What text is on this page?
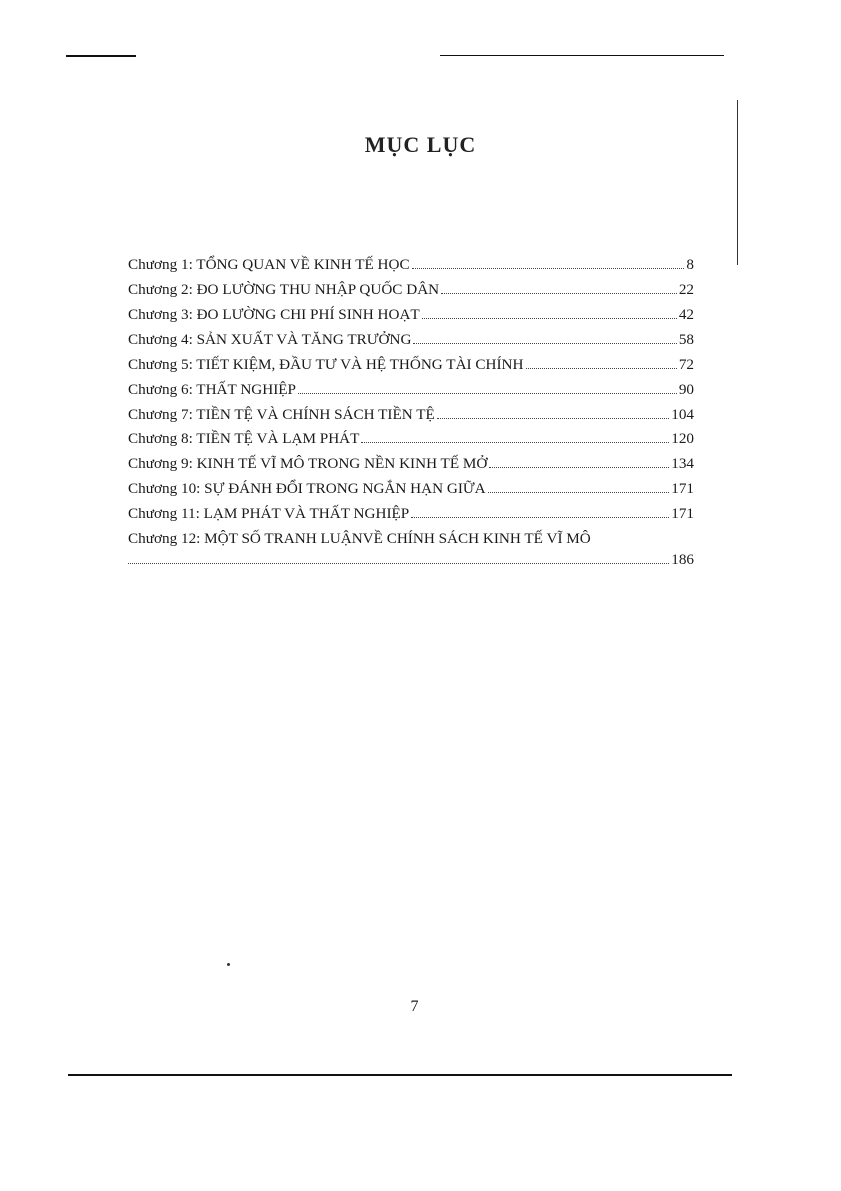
MỤC LỤC
Chương 1: TỔNG QUAN VỀ KINH TẾ HỌC	8
Chương 2: ĐO LƯỜNG THU NHẬP QUỐC DÂN	22
Chương 3: ĐO LƯỜNG CHI PHÍ SINH HOẠT	42
Chương 4: SẢN XUẤT VÀ TĂNG TRƯỞNG	58
Chương 5: TIẾT KIỆM, ĐẦU TƯ VÀ HỆ THỐNG TÀI CHÍNH	72
Chương 6: THẤT NGHIỆP	90
Chương 7: TIỀN TỆ VÀ CHÍNH SÁCH TIỀN TỆ	104
Chương 8: TIỀN TỆ VÀ LẠM PHÁT	120
Chương 9: KINH TẾ VĨ MÔ TRONG NỀN KINH TẾ MỞ	134
Chương 10: SỰ ĐÁNH ĐỔI TRONG NGẮN HẠN GIỮA	171
Chương 11: LẠM PHÁT VÀ THẤT NGHIỆP	171
Chương 12: MỘT SỐ TRANH LUẬNVỀ CHÍNH SÁCH KINH TẾ VĨ MÔ
186
7
